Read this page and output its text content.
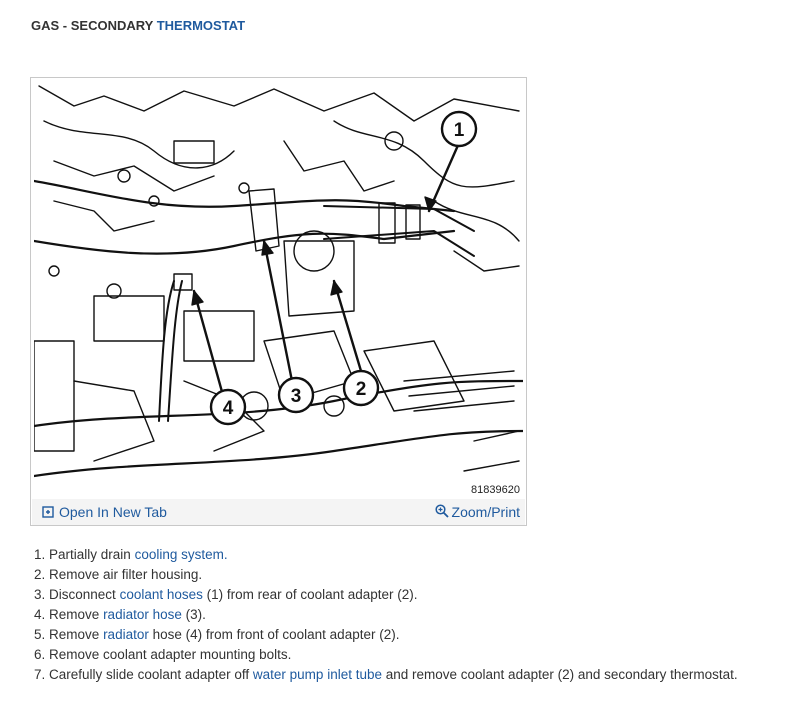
GAS - SECONDARY THERMOSTAT
1
2
3
4
81839620
Open In New Tab	Zoom/Print
1. Partially drain cooling system.
2. Remove air filter housing.
3. Disconnect coolant hoses (1) from rear of coolant adapter (2).
4. Remove radiator hose (3).
5. Remove radiator hose (4) from front of coolant adapter (2).
6. Remove coolant adapter mounting bolts.
7. Carefully slide coolant adapter off water pump inlet tube and remove coolant adapter (2) and secondary thermostat.
